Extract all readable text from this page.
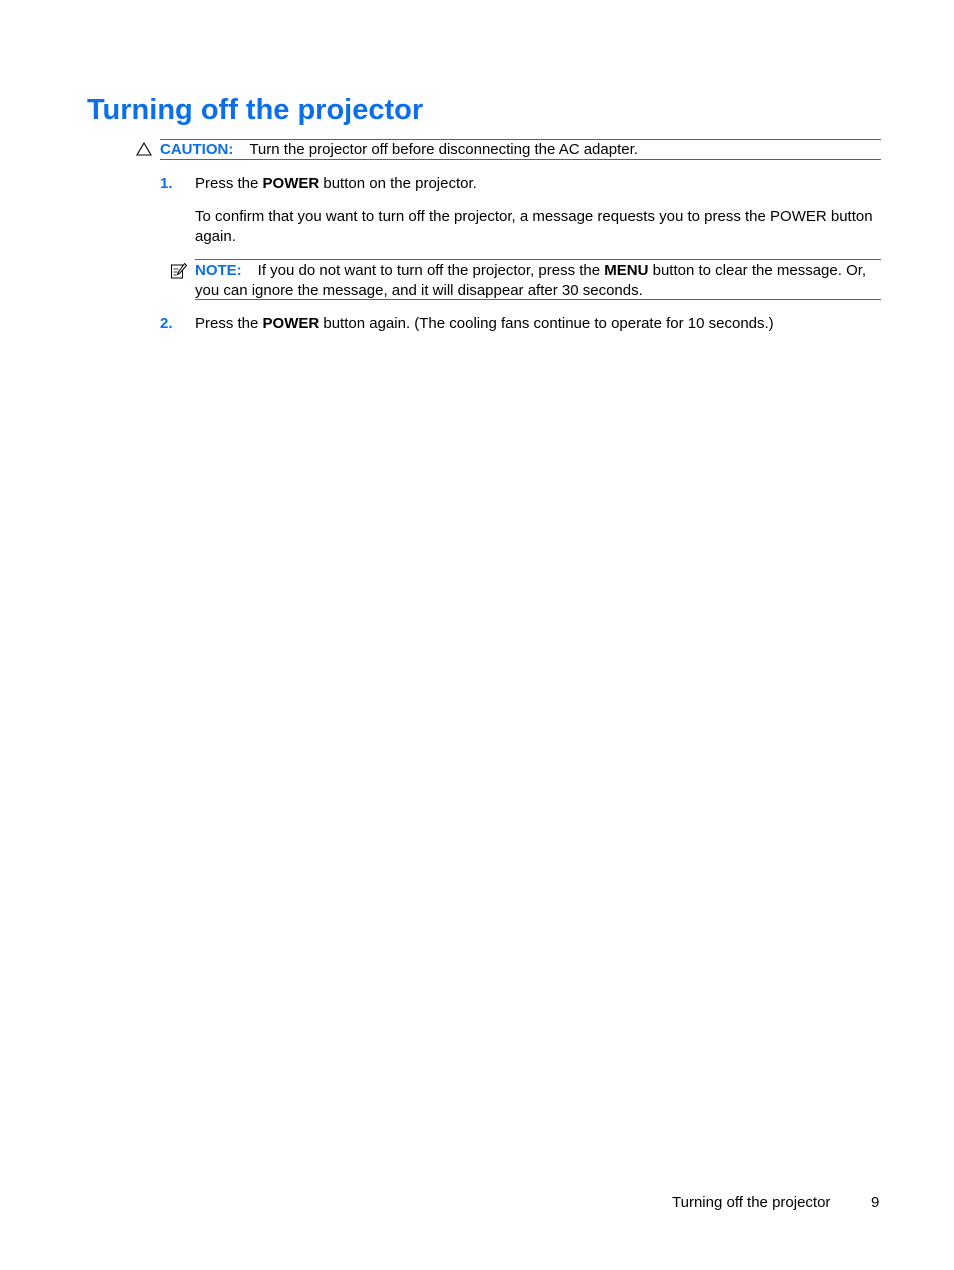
Turning off the projector
CAUTION: Turn the projector off before disconnecting the AC adapter.
1. Press the POWER button on the projector.
To confirm that you want to turn off the projector, a message requests you to press the POWER button again.
NOTE: If you do not want to turn off the projector, press the MENU button to clear the message. Or, you can ignore the message, and it will disappear after 30 seconds.
2. Press the POWER button again. (The cooling fans continue to operate for 10 seconds.)
Turning off the projector	9
